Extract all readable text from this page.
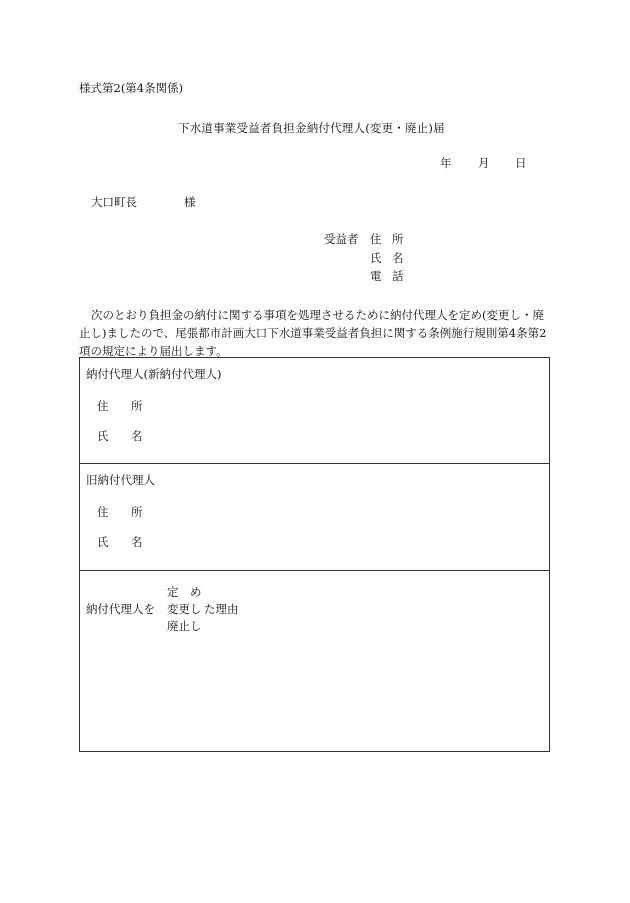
様式第2(第4条関係)
下水道事業受益者負担金納付代理人(変更・廃止)届
年 月 日
大口町長	様
受益者 住 所
氏 名
電 話
次のとおり負担金の納付に関する事項を処理させるために納付代理人を定め(変更し・廃止し)ましたので、尾張都市計画大口下水道事業受益者負担に関する条例施行規則第4条第2項の規定により届出します。
納付代理人(新納付代理人)
住 所
氏 名
旧納付代理人
住 所
氏 名
納付代理人を
定　め
変更し
廃止し
た理由
